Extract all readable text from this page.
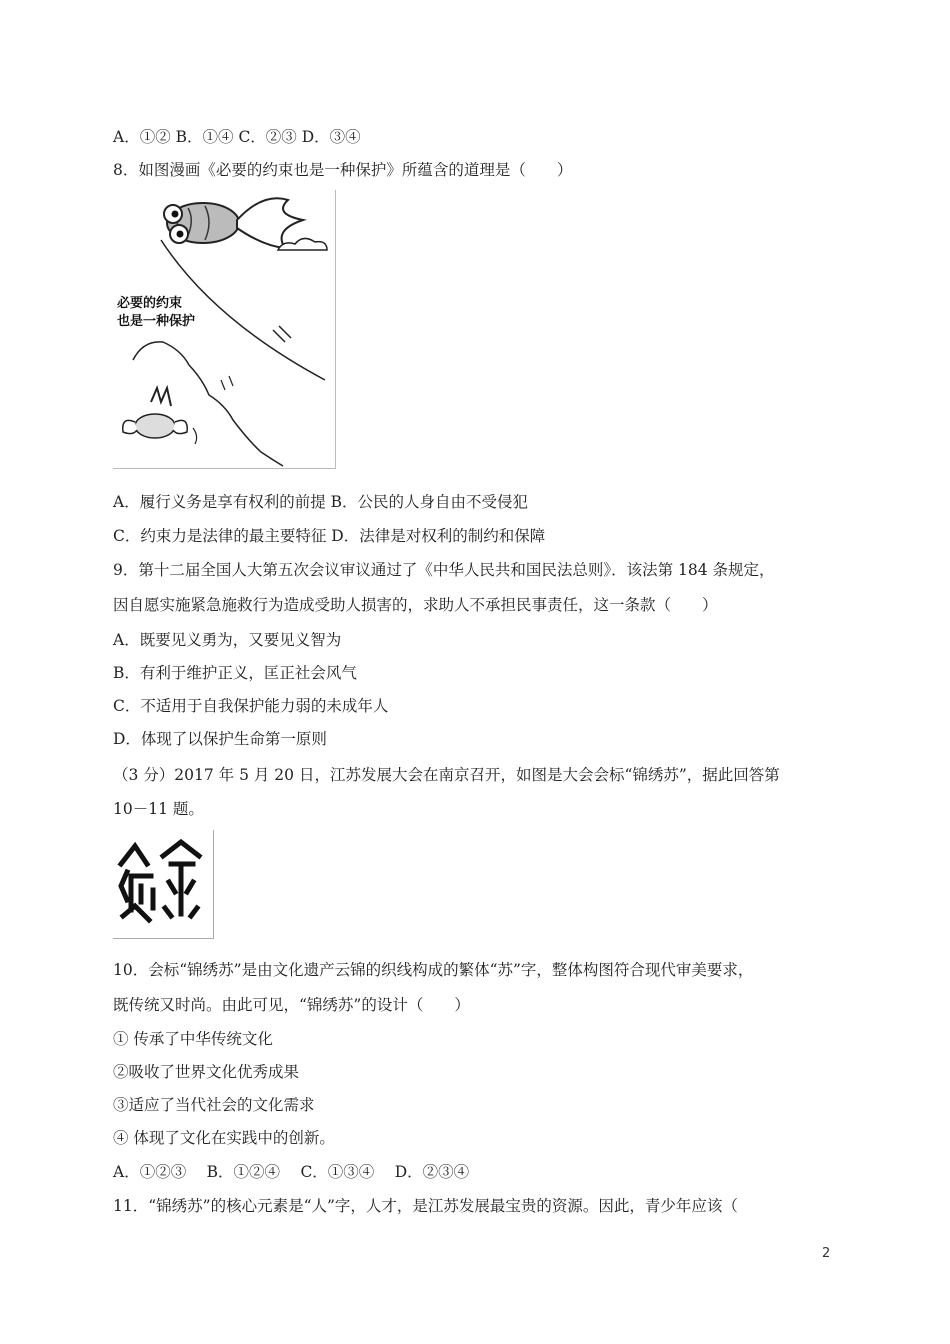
A．①② B．①④ C．②③ D．③④
8．如图漫画《必要的约束也是一种保护》所蕴含的道理是（　　）
必要的约束
也是一种保护
A．履行义务是享有权利的前提 B．公民的人身自由不受侵犯
C．约束力是法律的最主要特征 D．法律是对权利的制约和保障
9．第十二届全国人大第五次会议审议通过了《中华人民共和国民法总则》．该法第 184 条规定，
因自愿实施紧急施救行为造成受助人损害的，求助人不承担民事责任，这一条款（　　）
A．既要见义勇为，又要见义智为
B．有利于维护正义，匡正社会风气
C．不适用于自我保护能力弱的未成年人
D．体现了以保护生命第一原则
（3 分）2017 年 5 月 20 日，江苏发展大会在南京召开，如图是大会会标“锦绣苏”，据此回答第
10－11 题。
10．会标“锦绣苏”是由文化遗产云锦的织线构成的繁体“苏”字，整体构图符合现代审美要求，
既传统又时尚。由此可见，“锦绣苏”的设计（　　）
① 传承了中华传统文化
②吸收了世界文化优秀成果
③适应了当代社会的文化需求
④ 体现了文化在实践中的创新。
A．①②③　 B．①②④　 C．①③④　 D．②③④
11．“锦绣苏”的核心元素是“人”字，人才，是江苏发展最宝贵的资源。因此，青少年应该（
2
